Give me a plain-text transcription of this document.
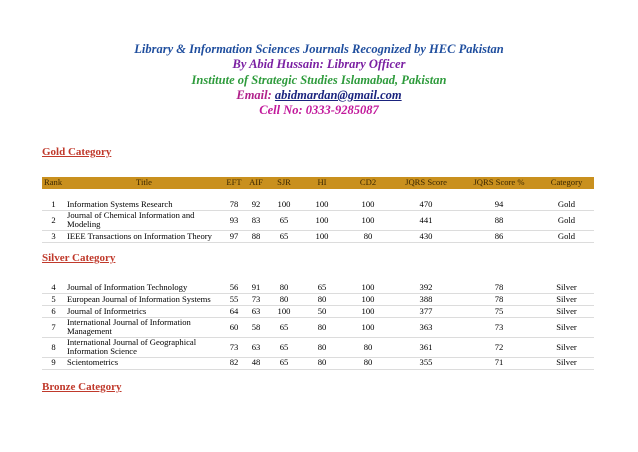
Library & Information Sciences Journals Recognized by HEC Pakistan
By Abid Hussain: Library Officer
Institute of Strategic Studies Islamabad, Pakistan
Email: abidmardan@gmail.com
Cell No: 0333-9285087
Gold Category
Rank	Title	EFT	AIF	SJR	HI	CD2	JQRS Score	JQRS Score %	Category

1	Information Systems Research	78	92	100	100	100	470	94	Gold
2	Journal of Chemical Information and Modeling	93	83	65	100	100	441	88	Gold
3	IEEE Transactions on Information Theory	97	88	65	100	80	430	86	Gold
Silver Category
4	Journal of Information Technology	56	91	80	65	100	392	78	Silver
5	European Journal of Information Systems	55	73	80	80	100	388	78	Silver
6	Journal of Informetrics	64	63	100	50	100	377	75	Silver
7	International Journal of Information Management	60	58	65	80	100	363	73	Silver
8	International Journal of Geographical Information Science	73	63	65	80	80	361	72	Silver
9	Scientometrics	82	48	65	80	80	355	71	Silver
Bronze Category
